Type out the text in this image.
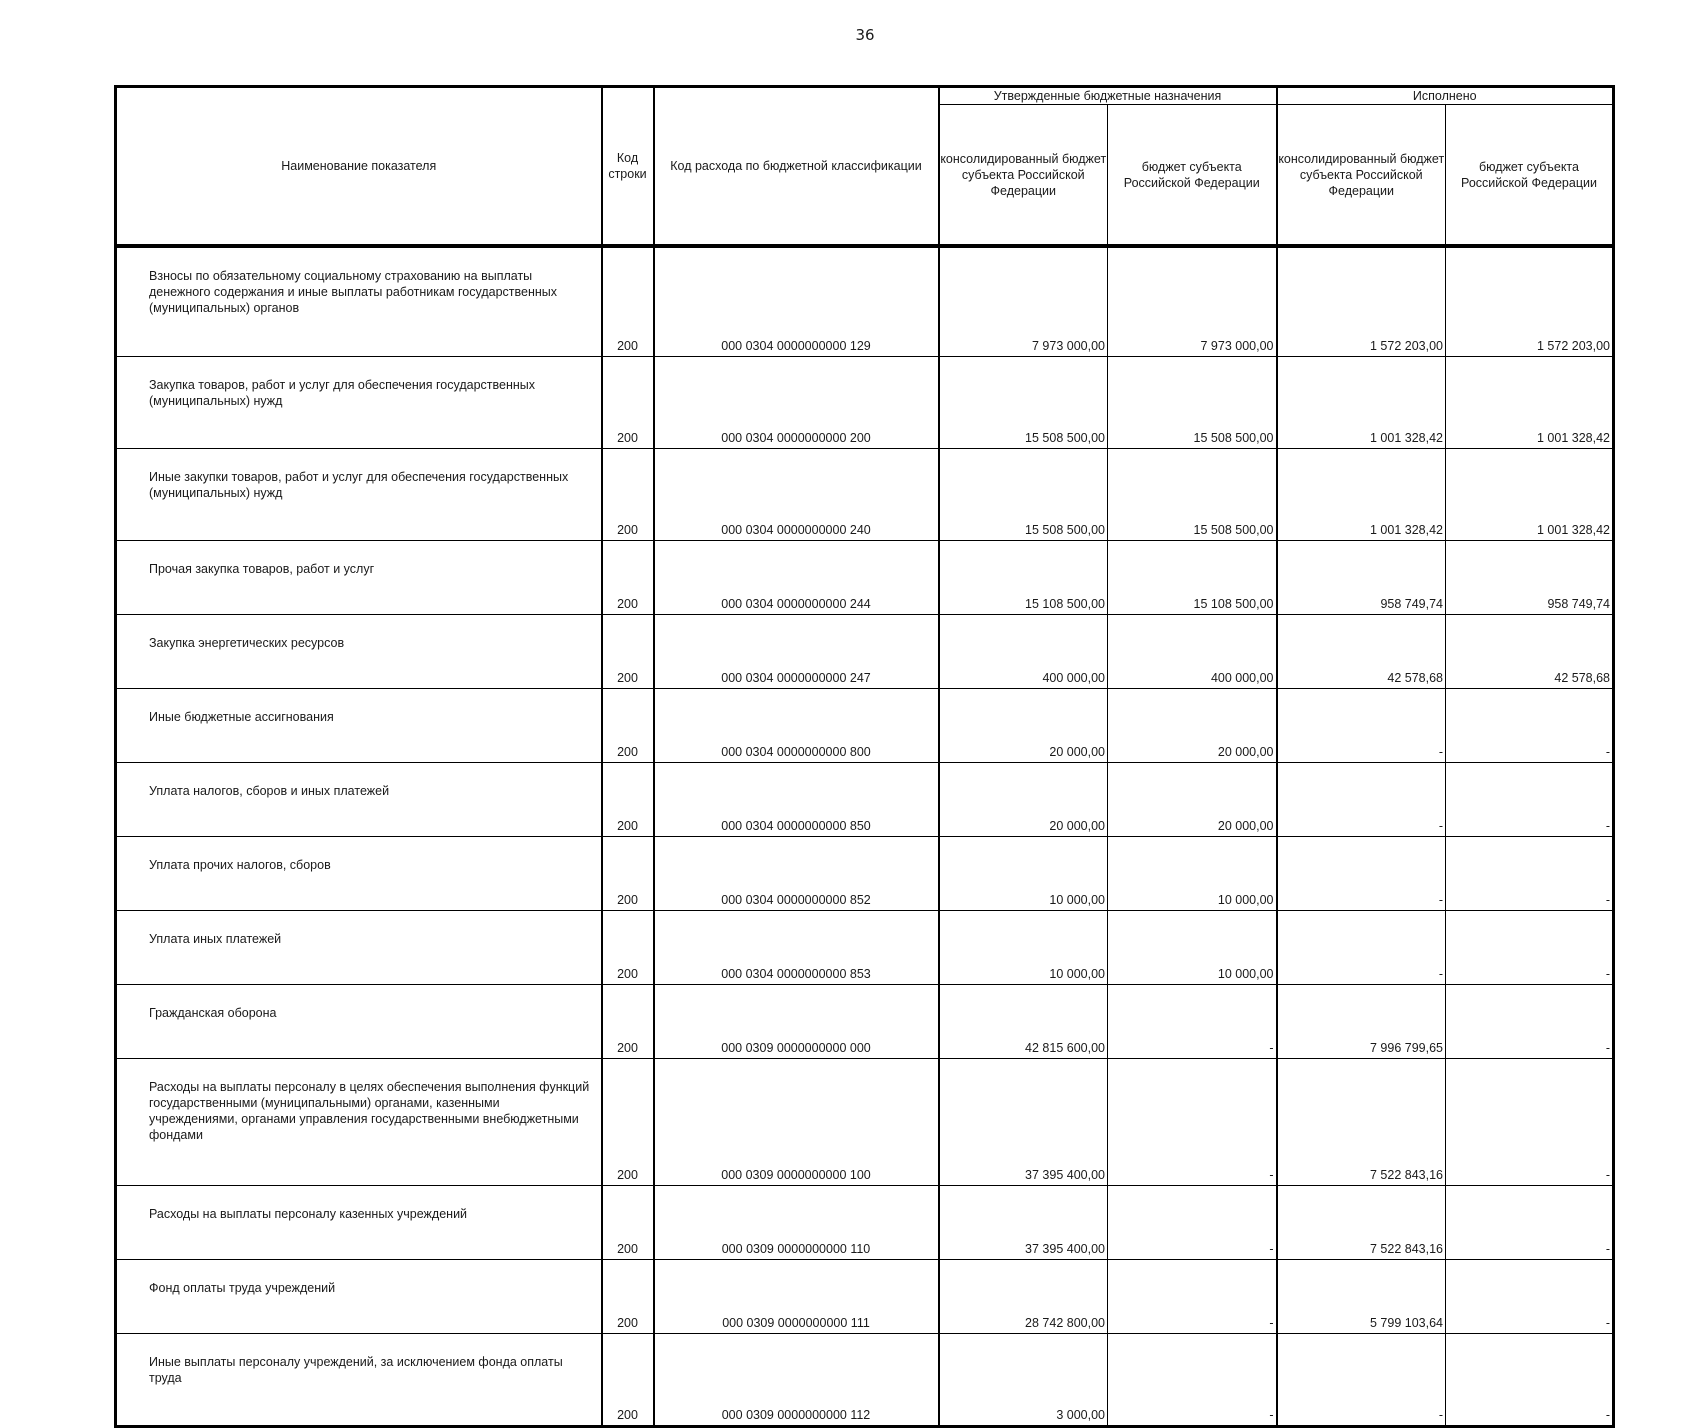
36
Наименование показателя	Код строки	Код расхода по бюджетной классификации	Утвержденные бюджетные назначения		Исполнено	
			консолидированный бюджет субъекта Российской Федерации	бюджет субъекта Российской Федерации	консолидированный бюджет субъекта Российской Федерации	бюджет субъекта Российской Федерации

Взносы по обязательному социальному страхованию на выплаты денежного содержания и иные выплаты работникам государственных (муниципальных) органов	200	000 0304 0000000000 129	7 973 000,00	7 973 000,00	1 572 203,00	1 572 203,00
Закупка товаров, работ и услуг для обеспечения государственных (муниципальных) нужд	200	000 0304 0000000000 200	15 508 500,00	15 508 500,00	1 001 328,42	1 001 328,42
Иные закупки товаров, работ и услуг для обеспечения государственных (муниципальных) нужд	200	000 0304 0000000000 240	15 508 500,00	15 508 500,00	1 001 328,42	1 001 328,42
Прочая закупка товаров, работ и услуг	200	000 0304 0000000000 244	15 108 500,00	15 108 500,00	958 749,74	958 749,74
Закупка энергетических ресурсов	200	000 0304 0000000000 247	400 000,00	400 000,00	42 578,68	42 578,68
Иные бюджетные ассигнования	200	000 0304 0000000000 800	20 000,00	20 000,00	-	-
Уплата налогов, сборов и иных платежей	200	000 0304 0000000000 850	20 000,00	20 000,00	-	-
Уплата прочих налогов, сборов	200	000 0304 0000000000 852	10 000,00	10 000,00	-	-
Уплата иных платежей	200	000 0304 0000000000 853	10 000,00	10 000,00	-	-
Гражданская оборона	200	000 0309 0000000000 000	42 815 600,00	-	7 996 799,65	-
Расходы на выплаты персоналу в целях обеспечения выполнения функций государственными (муниципальными) органами, казенными учреждениями, органами управления государственными внебюджетными фондами	200	000 0309 0000000000 100	37 395 400,00	-	7 522 843,16	-
Расходы на выплаты персоналу казенных учреждений	200	000 0309 0000000000 110	37 395 400,00	-	7 522 843,16	-
Фонд оплаты труда учреждений	200	000 0309 0000000000 111	28 742 800,00	-	5 799 103,64	-
Иные выплаты персоналу учреждений, за исключением фонда оплаты труда	200	000 0309 0000000000 112	3 000,00	-	-	-
